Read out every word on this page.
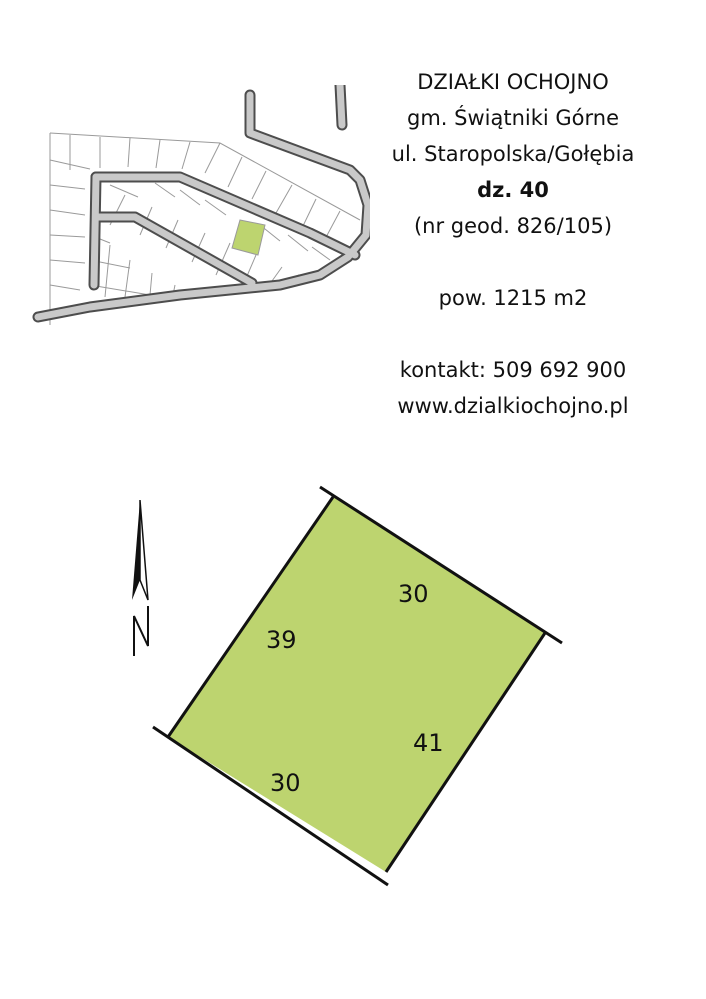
DZIAŁKI OCHOJNO
gm. Świątniki Górne
ul. Staropolska/Gołębia
dz. 40
(nr geod. 826/105)
pow. 1215 m2
kontakt: 509 692 900
www.dzialkiochojno.pl
30
39
41
30
